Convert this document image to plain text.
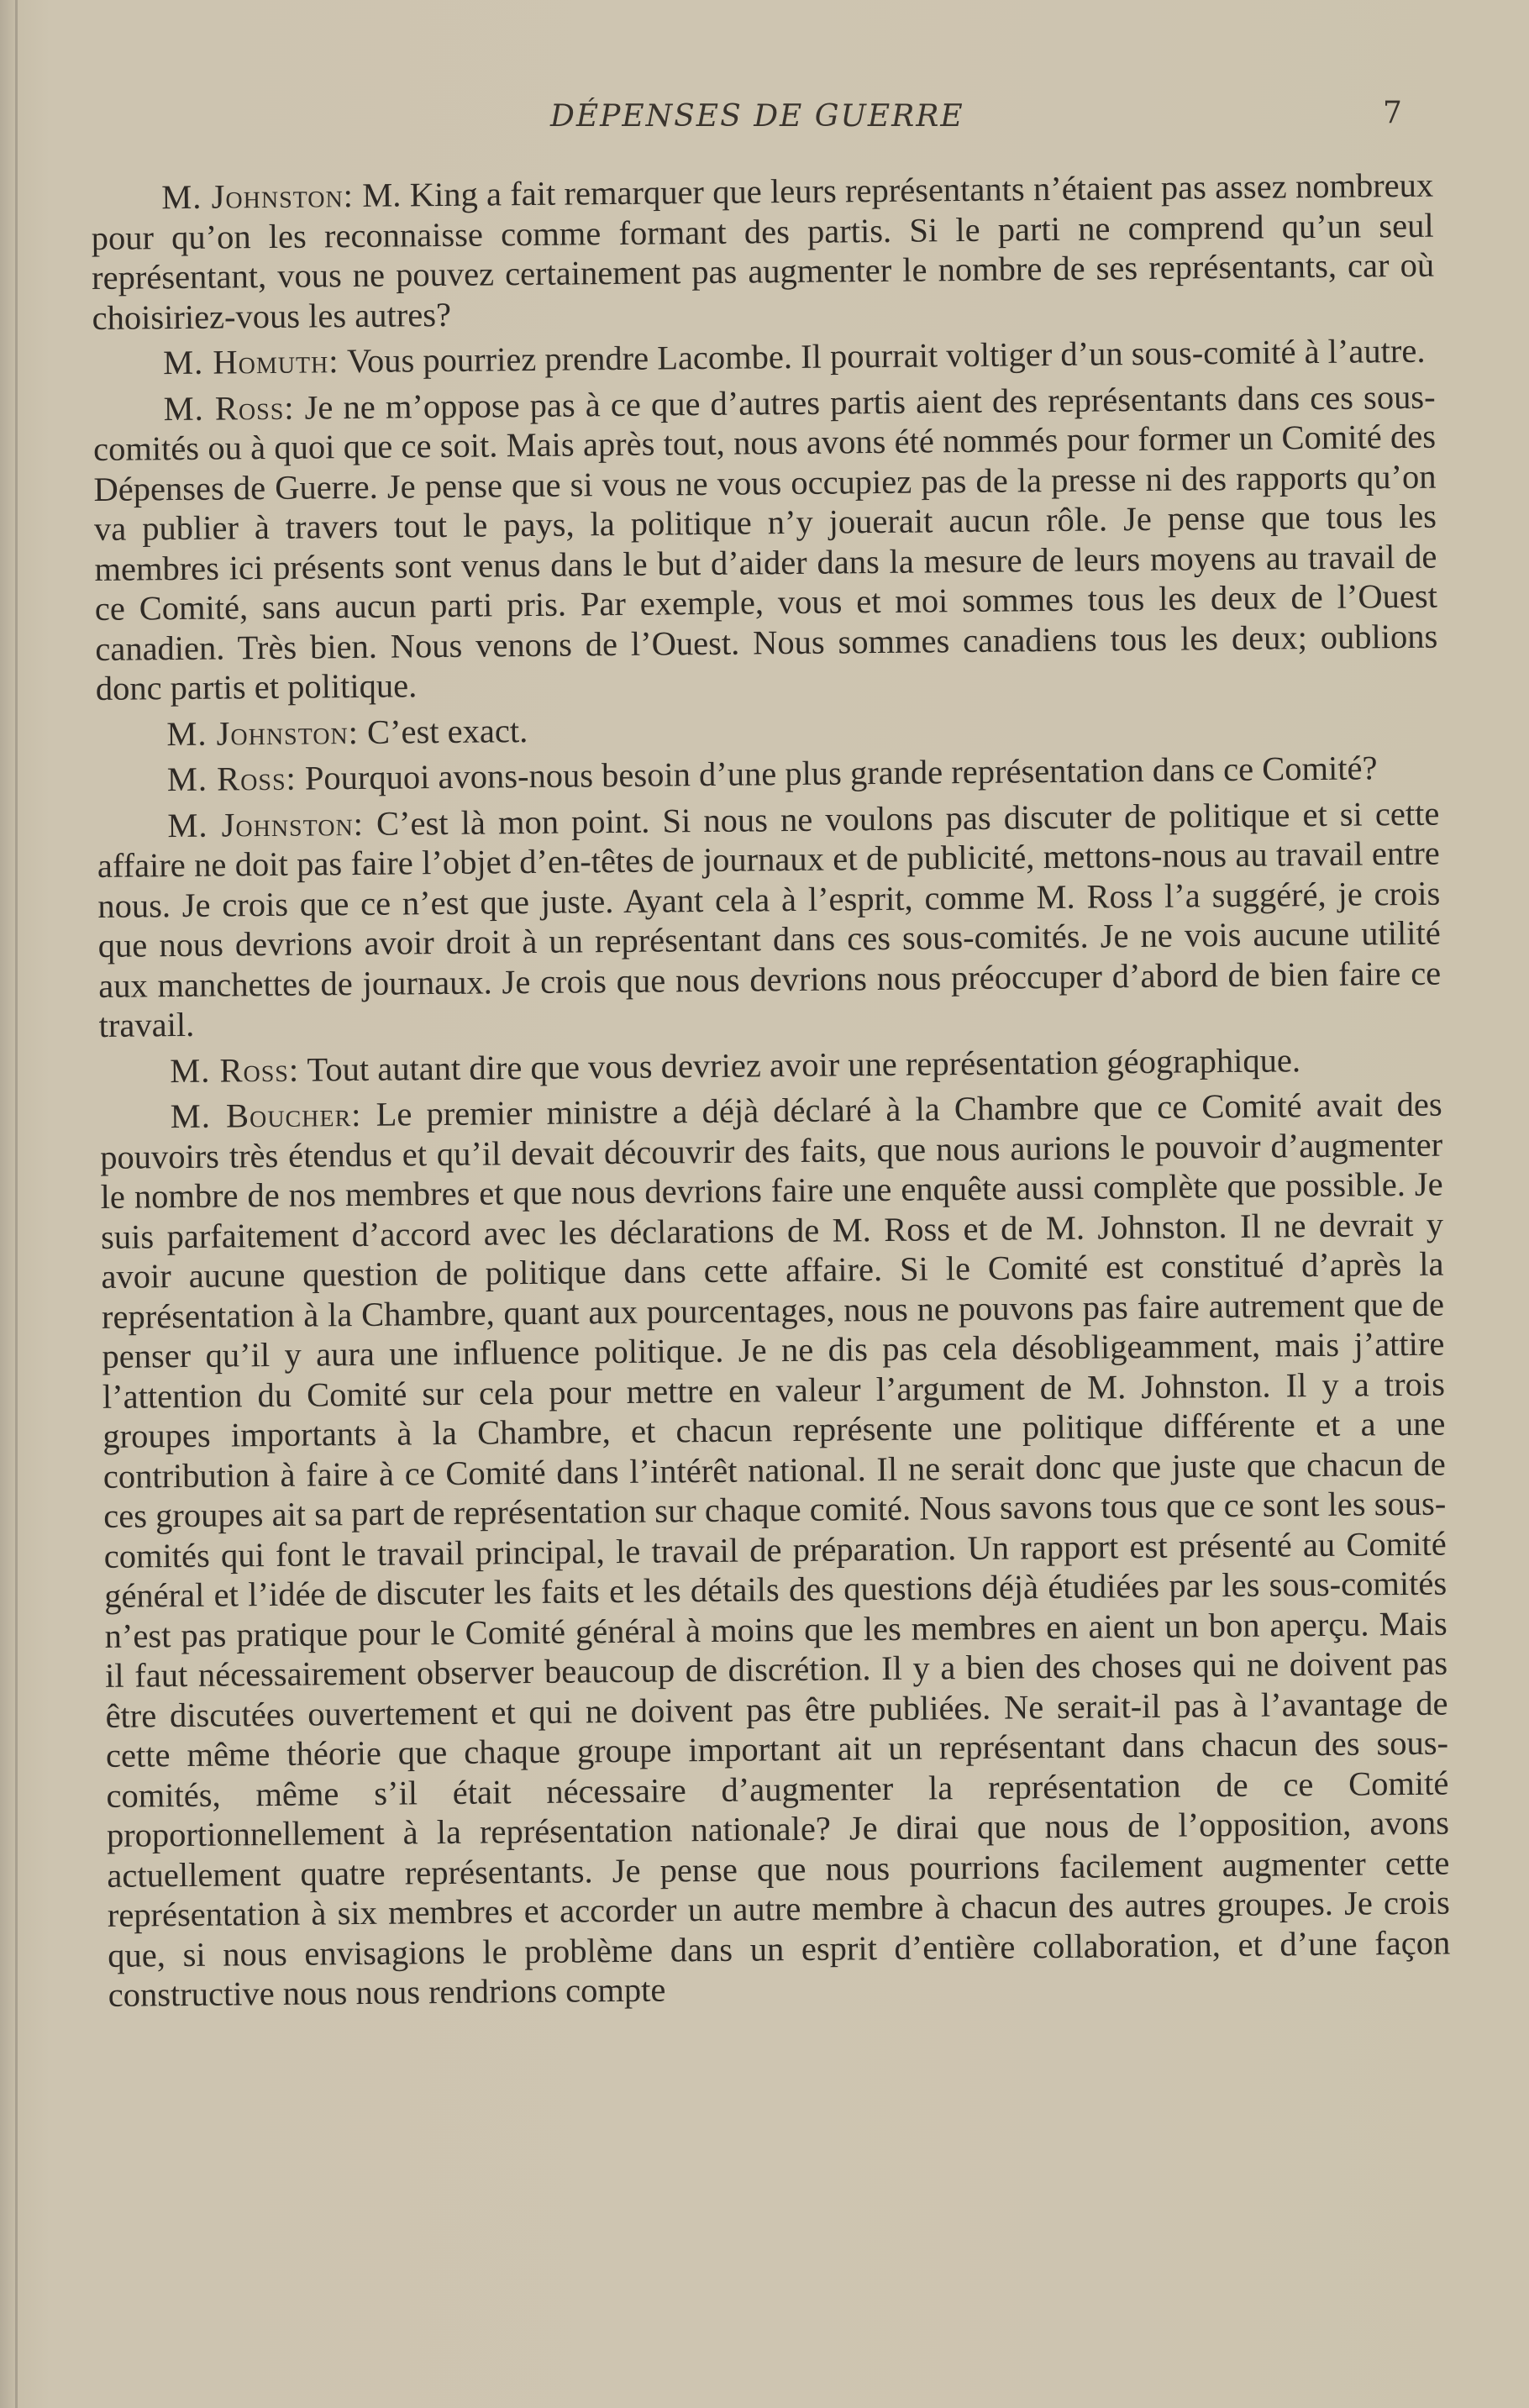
DÉPENSES DE GUERRE	7

M. Johnston: M. King a fait remarquer que leurs représentants n’étaient pas assez nombreux pour qu’on les reconnaisse comme formant des partis. Si le parti ne comprend qu’un seul représentant, vous ne pouvez certainement pas augmenter le nombre de ses représentants, car où choisiriez-vous les autres?

M. Homuth: Vous pourriez prendre Lacombe. Il pourrait voltiger d’un sous-comité à l’autre.

M. Ross: Je ne m’oppose pas à ce que d’autres partis aient des représentants dans ces sous-comités ou à quoi que ce soit. Mais après tout, nous avons été nommés pour former un Comité des Dépenses de Guerre. Je pense que si vous ne vous occupiez pas de la presse ni des rapports qu’on va publier à travers tout le pays, la politique n’y jouerait aucun rôle. Je pense que tous les membres ici présents sont venus dans le but d’aider dans la mesure de leurs moyens au travail de ce Comité, sans aucun parti pris. Par exemple, vous et moi sommes tous les deux de l’Ouest canadien. Très bien. Nous venons de l’Ouest. Nous sommes canadiens tous les deux; oublions donc partis et politique.

M. Johnston: C’est exact.

M. Ross: Pourquoi avons-nous besoin d’une plus grande représentation dans ce Comité?

M. Johnston: C’est là mon point. Si nous ne voulons pas discuter de politique et si cette affaire ne doit pas faire l’objet d’en-têtes de journaux et de publicité, mettons-nous au travail entre nous. Je crois que ce n’est que juste. Ayant cela à l’esprit, comme M. Ross l’a suggéré, je crois que nous devrions avoir droit à un représentant dans ces sous-comités. Je ne vois aucune utilité aux manchettes de journaux. Je crois que nous devrions nous préoccuper d’abord de bien faire ce travail.

M. Ross: Tout autant dire que vous devriez avoir une représentation géographique.

M. Boucher: Le premier ministre a déjà déclaré à la Chambre que ce Comité avait des pouvoirs très étendus et qu’il devait découvrir des faits, que nous aurions le pouvoir d’augmenter le nombre de nos membres et que nous devrions faire une enquête aussi complète que possible. Je suis parfaitement d’accord avec les déclarations de M. Ross et de M. Johnston. Il ne devrait y avoir aucune question de politique dans cette affaire. Si le Comité est constitué d’après la représentation à la Chambre, quant aux pourcentages, nous ne pouvons pas faire autrement que de penser qu’il y aura une influence politique. Je ne dis pas cela désobligeamment, mais j’attire l’attention du Comité sur cela pour mettre en valeur l’argument de M. Johnston. Il y a trois groupes importants à la Chambre, et chacun représente une politique différente et a une contribution à faire à ce Comité dans l’intérêt national. Il ne serait donc que juste que chacun de ces groupes ait sa part de représentation sur chaque comité. Nous savons tous que ce sont les sous-comités qui font le travail principal, le travail de préparation. Un rapport est présenté au Comité général et l’idée de discuter les faits et les détails des questions déjà étudiées par les sous-comités n’est pas pratique pour le Comité général à moins que les membres en aient un bon aperçu. Mais il faut nécessairement observer beaucoup de discrétion. Il y a bien des choses qui ne doivent pas être discutées ouvertement et qui ne doivent pas être publiées. Ne serait-il pas à l’avantage de cette même théorie que chaque groupe important ait un représentant dans chacun des sous-comités, même s’il était nécessaire d’augmenter la représentation de ce Comité proportionnellement à la représentation nationale? Je dirai que nous de l’opposition, avons actuellement quatre représentants. Je pense que nous pourrions facilement augmenter cette représentation à six membres et accorder un autre membre à chacun des autres groupes. Je crois que, si nous envisagions le problème dans un esprit d’entière collaboration, et d’une façon constructive nous nous rendrions compte
